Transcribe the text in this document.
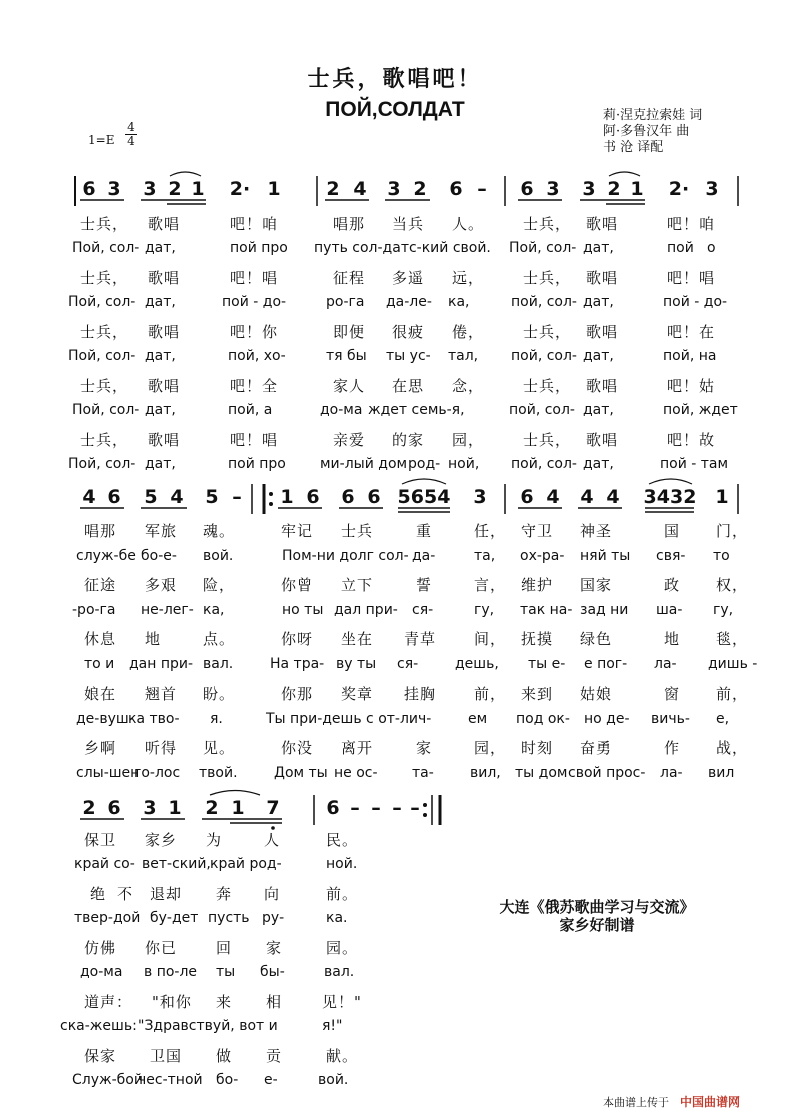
士兵，歌唱吧！
ПОЙ,СОЛДАТ	莉·涅克拉索娃 词
阿·多鲁汉年 曲
书 沧 译配
1=E
4
4
6 3 3 2 1 2· 1 2 4 3 2 6 – 6 3 3 2 1 2· 3
士兵， 歌唱	吧！咱	唱那 当兵 人。	士兵， 歌唱	吧！咱
Пой, сол- дат,	пой про путь сол-датс-кий свой. Пой, сол- дат,	пой о
士兵， 歌唱	吧！唱	征程 多遥 远，	士兵， 歌唱	吧！唱
Пой, сол- дат,	пой - до-	ро-га да-ле- ка,	пой, сол- дат,	пой - до-
士兵， 歌唱	吧！你	即便 很疲 倦，	士兵， 歌唱	吧！在
Пой, сол- дат,	пой, хо-	тя бы ты ус- тал, пой, сол- дат,	пой, на
士兵， 歌唱	吧！全	家人 在思 念，	士兵， 歌唱	吧！姑
Пой, сол- дат,	пой, а	до-ма ждет семь-я,	пой, сол- дат,	пой, ждет
士兵， 歌唱	吧！唱	亲爱 的家 园，	士兵， 歌唱	吧！故
Пой, сол- дат,	пой про ми-лый дом род- ной, пой, сол- дат,	пой - там
4 6 5 4 5 – 1 6 6 6 5654 3 6 4 4 4 3432 1
唱那 军旅 魂。	牢记 士兵	重	任， 守卫 神圣	国 门，
служ-бе бо-е- вой.	Пом-ни долг сол- да-	та, ох-ра- няй ты свя- то
征途 多艰 险，	你曾 立下	誓	言， 维护 国家	政 权，
-ро-га не-лег- ка,	но ты дал при- ся-	гу, так на- зад ни ша- гу,
休息 地	点。	你呀 坐在 青草	间， 抚摸 绿色	地 毯，
то и дан при- вал.	На тра- ву ты ся-	дешь, ты е- е пог- ла- дишь -
娘在 翘首 盼。	你那 奖章 挂胸	前， 来到 姑娘	窗 前，
де-вуш-
ка тво- я.	Ты при-дешь с от-лич-	ем под ок- но де- вичь- е,
乡啊 听得 见。	你没 离开	家	园， 时刻 奋勇	作 战，
слы-шен
го-лос твой.	Дом ты не ос- та-	вил, ты дом свой прос- ла- вил
2 6 3 1 2 1 7 6 – – – –
保卫 家乡 为	人	民。
край со- вет-ский, край род-	ной.
绝 不 退却 奔 向	前。
твер-дой бу-дет пусть ру-	ка.
仿佛 你已	回 家	园。
до-ма в по-ле ты бы-	вал.
道声： "和你 来 相	见！"
ска-жешь: "Здравствуй, вот и	я!"
保家 卫国 做 贡	献。
Служ-бой
чес-тной бо- е-	вой.
大连《俄苏歌曲学习与交流》
家乡好制谱
本曲谱上传于 中国曲谱网
